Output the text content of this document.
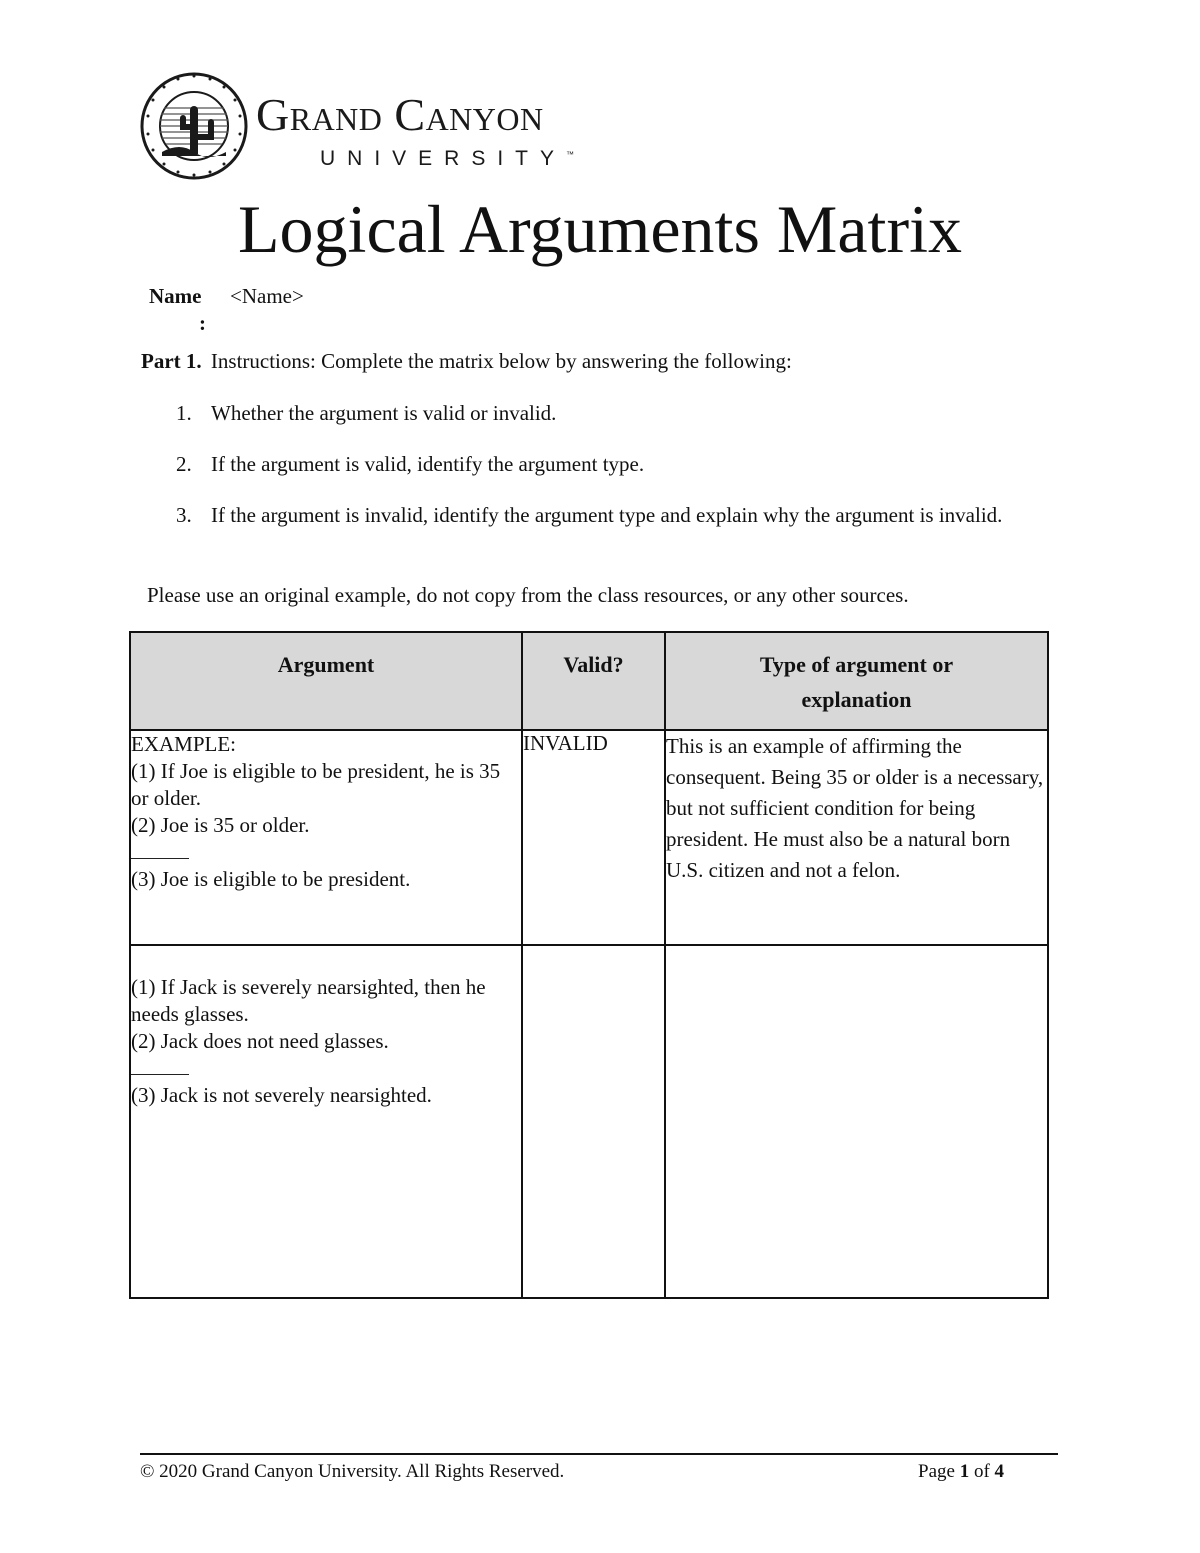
Grand Canyon
UNIVERSITY™
Logical Arguments Matrix
Name
:
<Name>
Part 1. Instructions: Complete the matrix below by answering the following:
1. Whether the argument is valid or invalid.
2. If the argument is valid, identify the argument type.
3. If the argument is invalid, identify the argument type and explain why the argument is invalid.
Please use an original example, do not copy from the class resources, or any other sources.
Argument	Valid?	Type of argument or
explanation

EXAMPLE:
(1) If Joe is eligible to be president, he is 35 or older.
(2) Joe is 35 or older.
(3) Joe is eligible to be president.	INVALID	This is an example of affirming the consequent. Being 35 or older is a necessary, but not sufficient condition for being president. He must also be a natural born U.S. citizen and not a felon.

(1) If Jack is severely nearsighted, then he needs glasses.
(2) Jack does not need glasses.
(3) Jack is not severely nearsighted.		

© 2020 Grand Canyon University. All Rights Reserved.	Page 1 of 4
